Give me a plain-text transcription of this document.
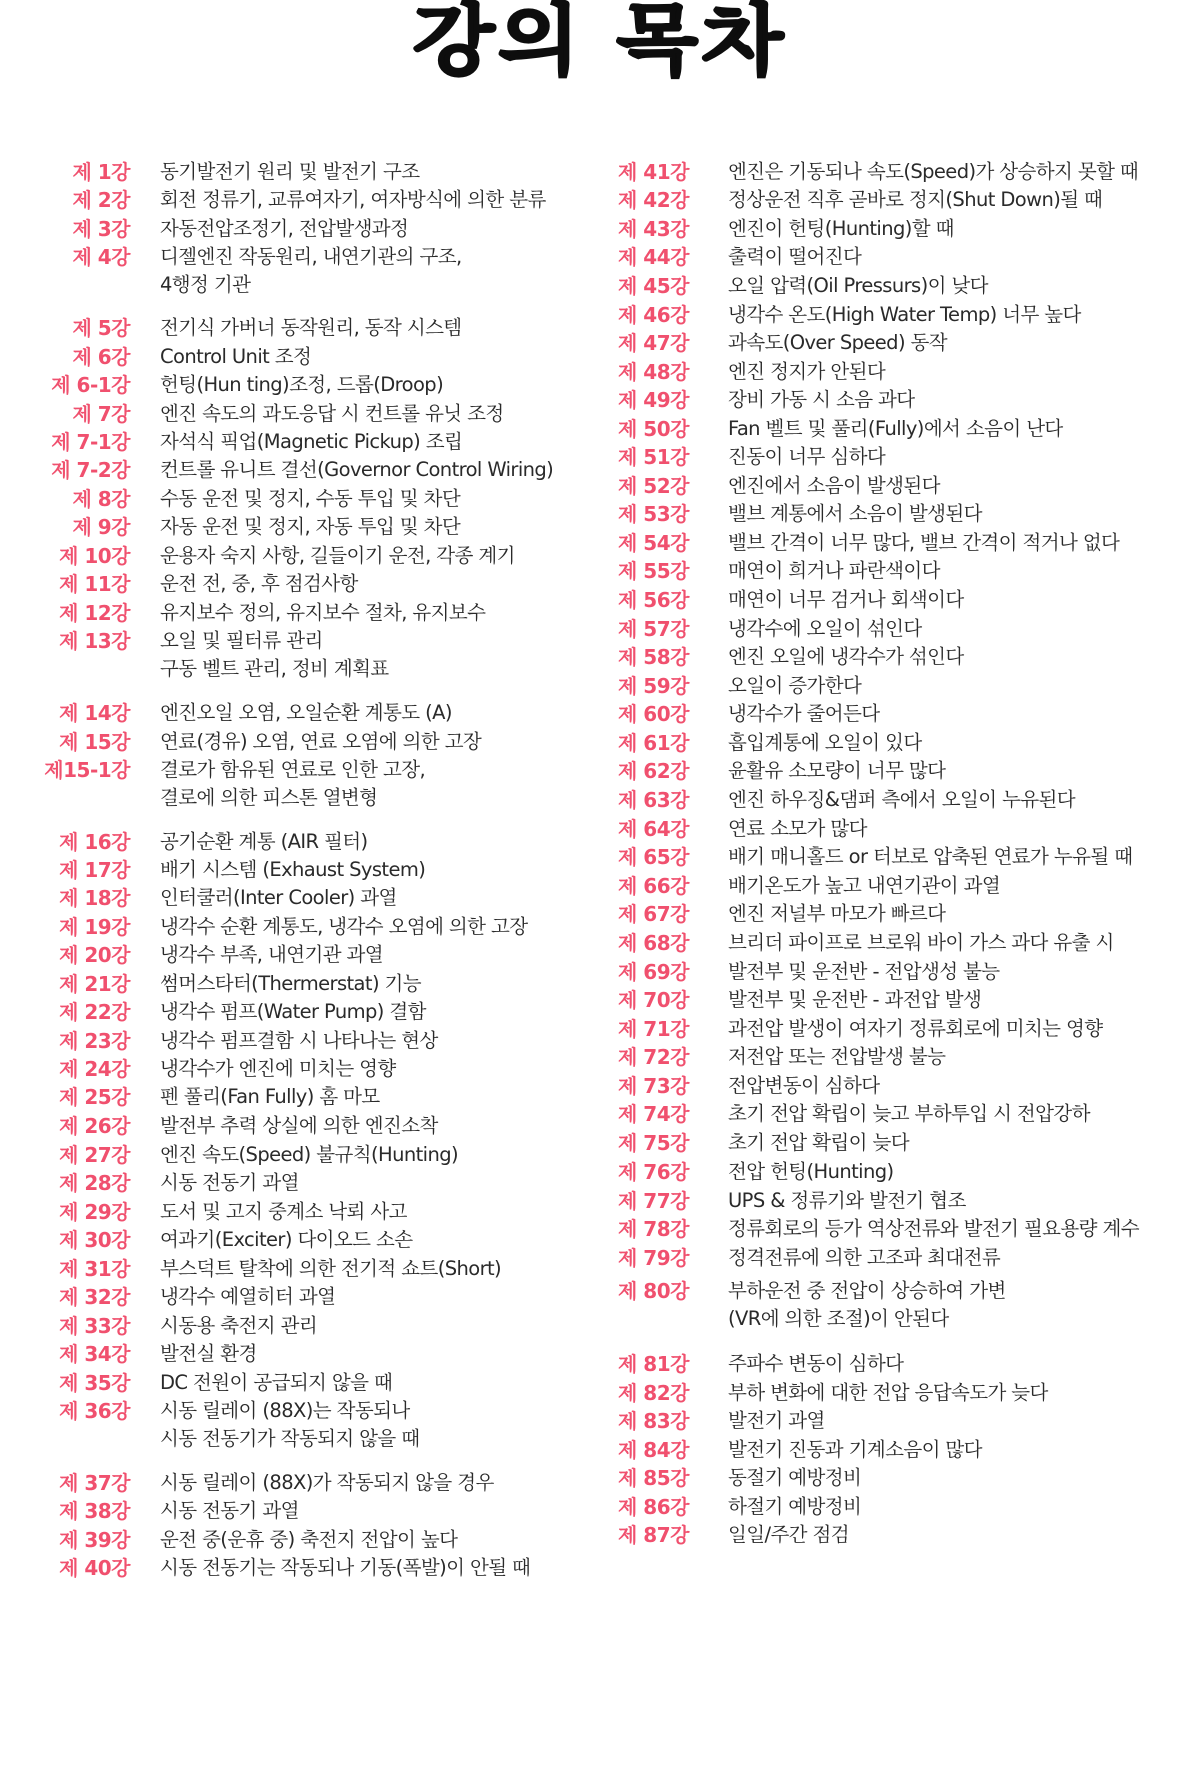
강의 목차
제 1강 동기발전기 원리 및 발전기 구조
제 2강 회전 정류기, 교류여자기, 여자방식에 의한 분류
제 3강 자동전압조정기, 전압발생과정
제 4강 디젤엔진 작동원리, 내연기관의 구조,
4행정 기관
제 5강 전기식 가버너 동작원리, 동작 시스템
제 6강 Control Unit 조정
제 6-1강 헌팅(Hun ting)조정, 드롭(Droop)
제 7강 엔진 속도의 과도응답 시 컨트롤 유닛 조정
제 7-1강 자석식 픽업(Magnetic Pickup) 조립
제 7-2강 컨트롤 유니트 결선(Governor Control Wiring)
제 8강 수동 운전 및 정지, 수동 투입 및 차단
제 9강 자동 운전 및 정지, 자동 투입 및 차단
제 10강 운용자 숙지 사항, 길들이기 운전, 각종 계기
제 11강 운전 전, 중, 후 점검사항
제 12강 유지보수 정의, 유지보수 절차, 유지보수
제 13강 오일 및 필터류 관리
구동 벨트 관리, 정비 계획표
제 14강 엔진오일 오염, 오일순환 계통도 (A)
제 15강 연료(경유) 오염, 연료 오염에 의한 고장
제15-1강 결로가 함유된 연료로 인한 고장,
결로에 의한 피스톤 열변형
제 16강 공기순환 계통 (AIR 필터)
제 17강 배기 시스템 (Exhaust System)
제 18강 인터쿨러(Inter Cooler) 과열
제 19강 냉각수 순환 계통도, 냉각수 오염에 의한 고장
제 20강 냉각수 부족, 내연기관 과열
제 21강 썸머스타터(Thermerstat) 기능
제 22강 냉각수 펌프(Water Pump) 결함
제 23강 냉각수 펌프결함 시 나타나는 현상
제 24강 냉각수가 엔진에 미치는 영향
제 25강 펜 풀리(Fan Fully) 홈 마모
제 26강 발전부 추력 상실에 의한 엔진소착
제 27강 엔진 속도(Speed) 불규칙(Hunting)
제 28강 시동 전동기 과열
제 29강 도서 및 고지 중계소 낙뢰 사고
제 30강 여과기(Exciter) 다이오드 소손
제 31강 부스덕트 탈착에 의한 전기적 쇼트(Short)
제 32강 냉각수 예열히터 과열
제 33강 시동용 축전지 관리
제 34강 발전실 환경
제 35강 DC 전원이 공급되지 않을 때
제 36강 시동 릴레이 (88X)는 작동되나
시동 전동기가 작동되지 않을 때
제 37강 시동 릴레이 (88X)가 작동되지 않을 경우
제 38강 시동 전동기 과열
제 39강 운전 중(운휴 중) 축전지 전압이 높다
제 40강 시동 전동기는 작동되나 기동(폭발)이 안될 때
제 41강 엔진은 기동되나 속도(Speed)가 상승하지 못할 때
제 42강 정상운전 직후 곧바로 정지(Shut Down)될 때
제 43강 엔진이 헌팅(Hunting)할 때
제 44강 출력이 떨어진다
제 45강 오일 압력(Oil Pressurs)이 낮다
제 46강 냉각수 온도(High Water Temp) 너무 높다
제 47강 과속도(Over Speed) 동작
제 48강 엔진 정지가 안된다
제 49강 장비 가동 시 소음 과다
제 50강 Fan 벨트 및 풀리(Fully)에서 소음이 난다
제 51강 진동이 너무 심하다
제 52강 엔진에서 소음이 발생된다
제 53강 밸브 계통에서 소음이 발생된다
제 54강 밸브 간격이 너무 많다, 밸브 간격이 적거나 없다
제 55강 매연이 희거나 파란색이다
제 56강 매연이 너무 검거나 회색이다
제 57강 냉각수에 오일이 섞인다
제 58강 엔진 오일에 냉각수가 섞인다
제 59강 오일이 증가한다
제 60강 냉각수가 줄어든다
제 61강 흡입계통에 오일이 있다
제 62강 윤활유 소모량이 너무 많다
제 63강 엔진 하우징&댐퍼 측에서 오일이 누유된다
제 64강 연료 소모가 많다
제 65강 배기 매니홀드 or 터보로 압축된 연료가 누유될 때
제 66강 배기온도가 높고 내연기관이 과열
제 67강 엔진 저널부 마모가 빠르다
제 68강 브리더 파이프로 브로워 바이 가스 과다 유출 시
제 69강 발전부 및 운전반 - 전압생성 불능
제 70강 발전부 및 운전반 - 과전압 발생
제 71강 과전압 발생이 여자기 정류회로에 미치는 영향
제 72강 저전압 또는 전압발생 불능
제 73강 전압변동이 심하다
제 74강 초기 전압 확립이 늦고 부하투입 시 전압강하
제 75강 초기 전압 확립이 늦다
제 76강 전압 헌팅(Hunting)
제 77강 UPS & 정류기와 발전기 협조
제 78강 정류회로의 등가 역상전류와 발전기 필요용량 계수
제 79강 정격전류에 의한 고조파 최대전류
제 80강 부하운전 중 전압이 상승하여 가변
(VR에 의한 조절)이 안된다
제 81강 주파수 변동이 심하다
제 82강 부하 변화에 대한 전압 응답속도가 늦다
제 83강 발전기 과열
제 84강 발전기 진동과 기계소음이 많다
제 85강 동절기 예방정비
제 86강 하절기 예방정비
제 87강 일일/주간 점검
